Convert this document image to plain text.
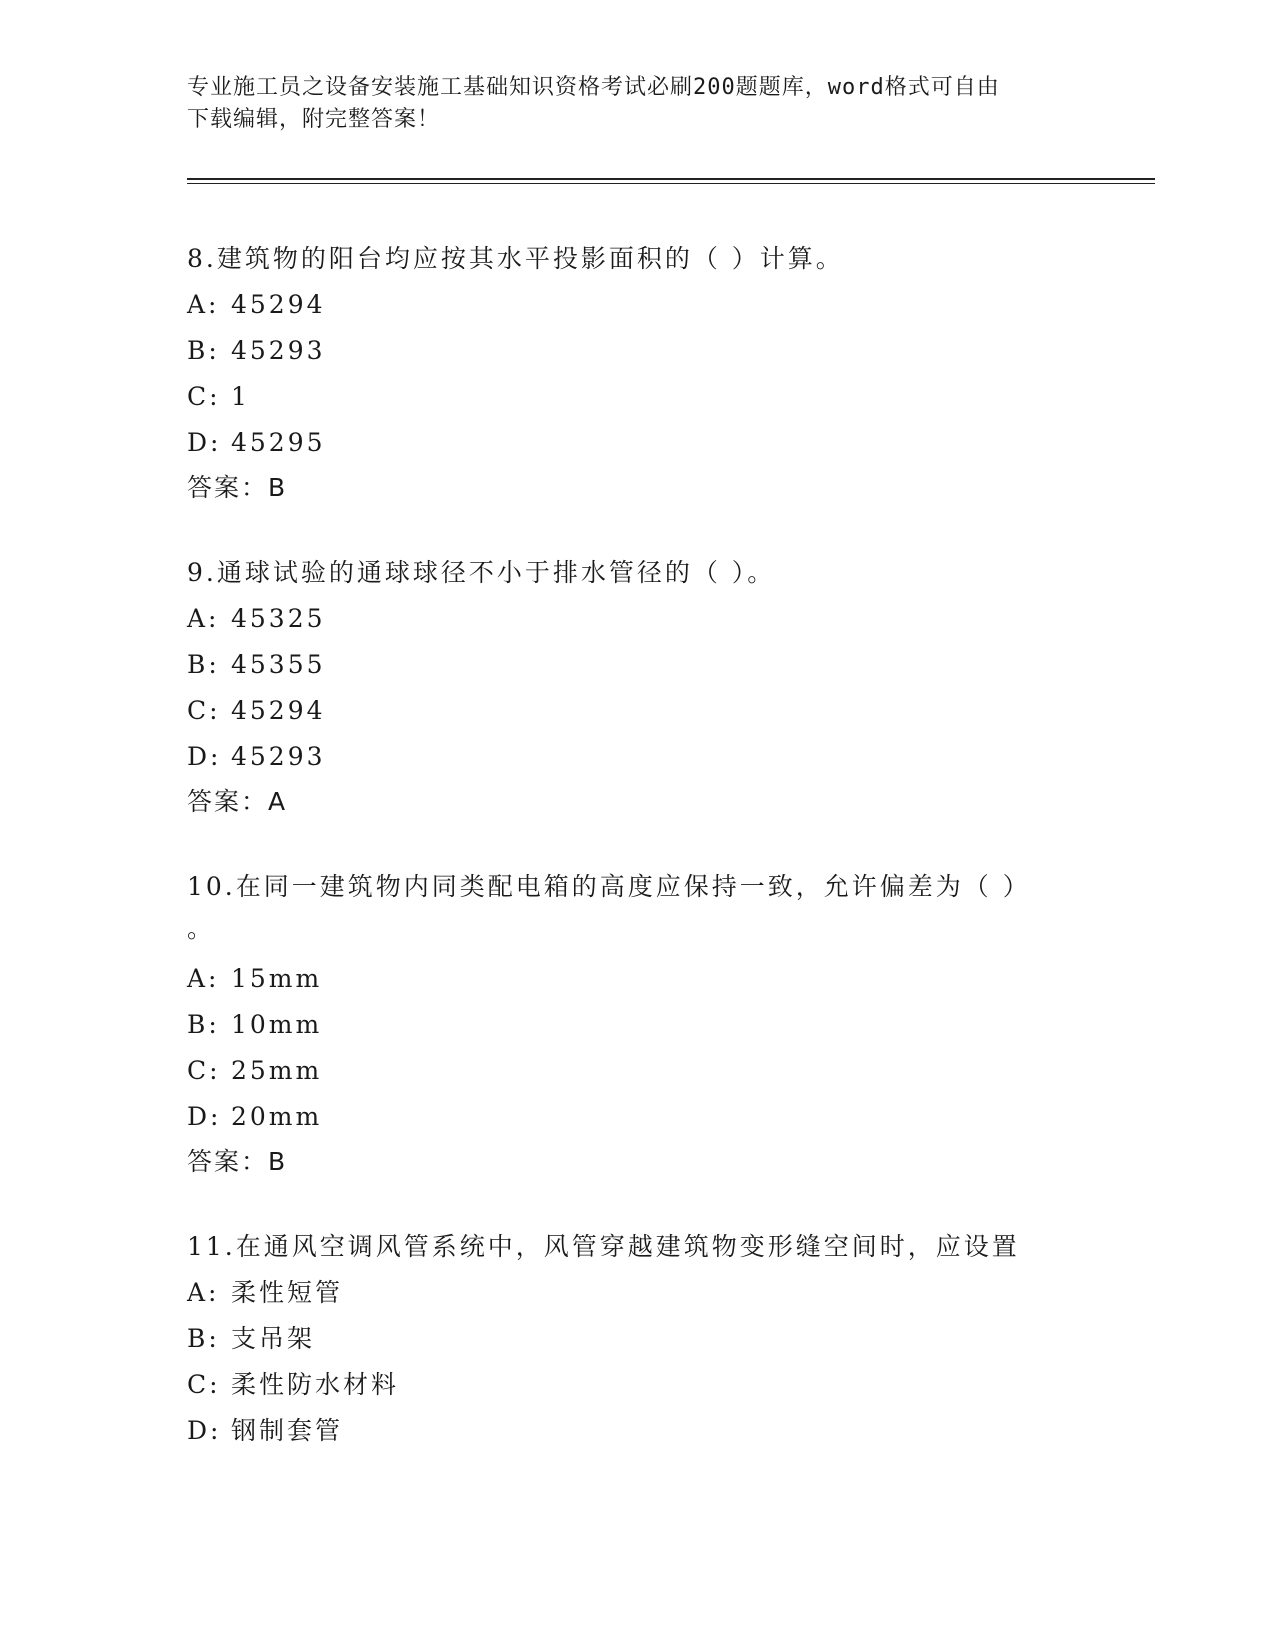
专业施工员之设备安装施工基础知识资格考试必刷200题题库，word格式可自由
下载编辑，附完整答案！
8.建筑物的阳台均应按其水平投影面积的（ ）计算。
A: 45294
B: 45293
C: 1
D: 45295
答案：B
9.通球试验的通球球径不小于排水管径的（ ）。
A: 45325
B: 45355
C: 45294
D: 45293
答案：A
10.在同一建筑物内同类配电箱的高度应保持一致，允许偏差为（ ）
。
A: 15mm
B: 10mm
C: 25mm
D: 20mm
答案：B
11.在通风空调风管系统中，风管穿越建筑物变形缝空间时，应设置
A: 柔性短管
B: 支吊架
C: 柔性防水材料
D: 钢制套管
